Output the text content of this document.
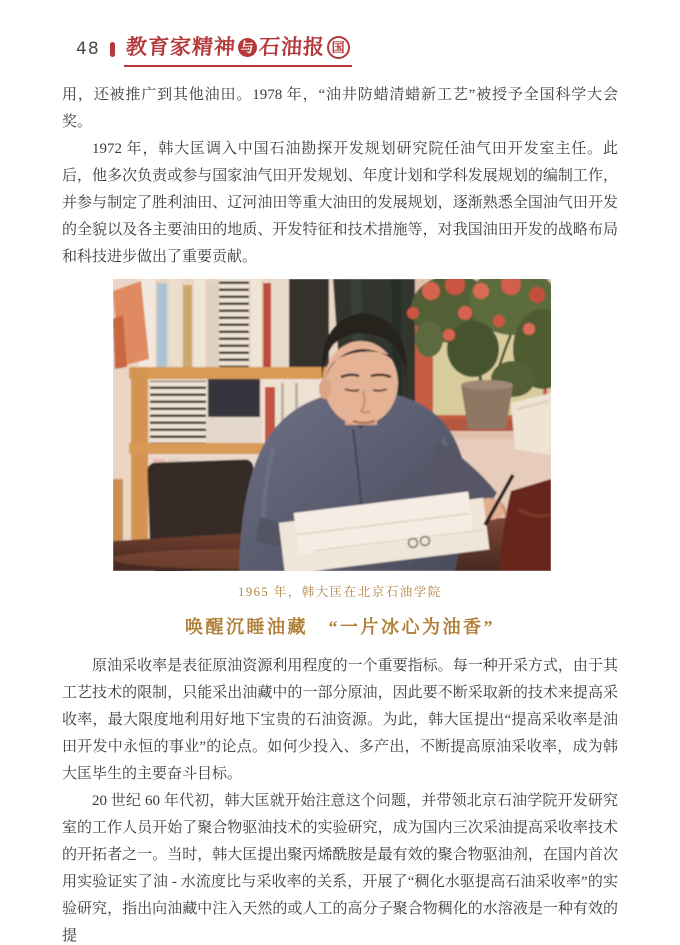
48 教育家精神 与 石油报 国

用，还被推广到其他油田。1978 年，“油井防蜡清蜡新工艺”被授予全国科学大会奖。

1972 年，韩大匡调入中国石油勘探开发规划研究院任油气田开发室主任。此后，他多次负责或参与国家油气田开发规划、年度计划和学科发展规划的编制工作，并参与制定了胜利油田、辽河油田等重大油田的发展规划，逐渐熟悉全国油气田开发的全貌以及各主要油田的地质、开发特征和技术措施等，对我国油田开发的战略布局和科技进步做出了重要贡献。

1965 年，韩大匡在北京石油学院
唤醒沉睡油藏　“一片冰心为油香”

原油采收率是表征原油资源利用程度的一个重要指标。每一种开采方式，由于其工艺技术的限制，只能采出油藏中的一部分原油，因此要不断采取新的技术来提高采收率，最大限度地利用好地下宝贵的石油资源。为此，韩大匡提出“提高采收率是油田开发中永恒的事业”的论点。如何少投入、多产出，不断提高原油采收率，成为韩大匡毕生的主要奋斗目标。

20 世纪 60 年代初，韩大匡就开始注意这个问题，并带领北京石油学院开发研究室的工作人员开始了聚合物驱油技术的实验研究，成为国内三次采油提高采收率技术的开拓者之一。当时，韩大匡提出聚丙烯酰胺是最有效的聚合物驱油剂，在国内首次用实验证实了油 - 水流度比与采收率的关系，开展了“稠化水驱提高石油采收率”的实验研究，指出向油藏中注入天然的或人工的高分子聚合物稠化的水溶液是一种有效的提
